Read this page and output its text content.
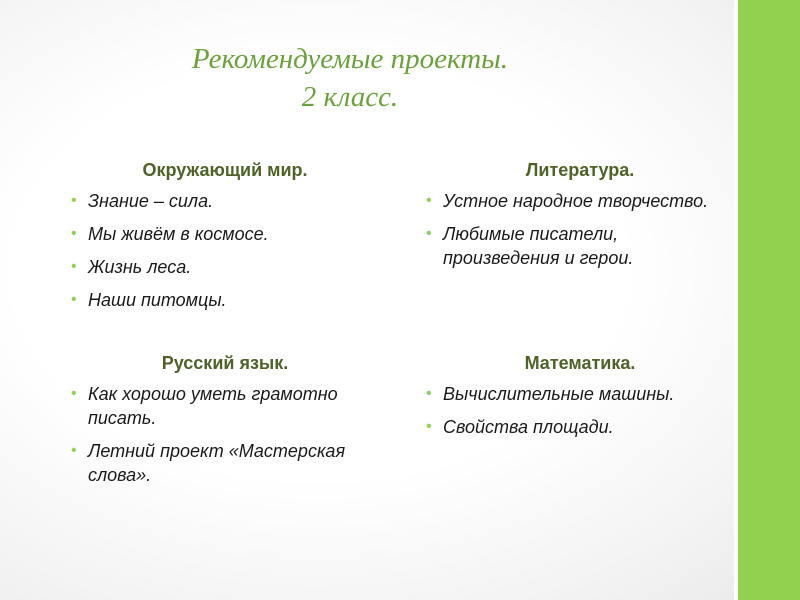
Рекомендуемые проекты.
2 класс.
Окружающий мир.
• Знание – сила.
• Мы живём в космосе.
• Жизнь леса.
• Наши питомцы.
Литература.
• Устное народное творчество.
• Любимые писатели, произведения и герои.
Русский язык.
• Как хорошо уметь грамотно писать.
• Летний проект «Мастерская слова».
Математика.
• Вычислительные машины.
• Свойства площади.
